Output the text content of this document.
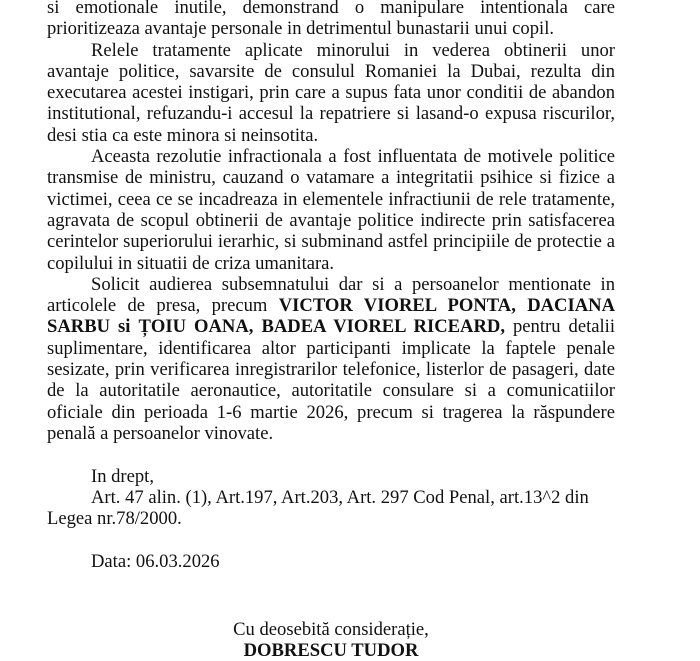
si emotionale inutile, demonstrand o manipulare intentionala care prioritizeaza avantaje personale in detrimentul bunastarii unui copil.

Relele tratamente aplicate minorului in vederea obtinerii unor avantaje politice, savarsite de consulul Romaniei la Dubai, rezulta din executarea acestei instigari, prin care a supus fata unor conditii de abandon institutional, refuzandu-i accesul la repatriere si lasand-o expusa riscurilor, desi stia ca este minora si neinsotita.

Aceasta rezolutie infractionala a fost influentata de motivele politice transmise de ministru, cauzand o vatamare a integritatii psihice si fizice a victimei, ceea ce se incadreaza in elementele infractiunii de rele tratamente, agravata de scopul obtinerii de avantaje politice indirecte prin satisfacerea cerintelor superiorului ierarhic, si subminand astfel principiile de protectie a copilului in situatii de criza umanitara.

Solicit audierea subsemnatului dar si a persoanelor mentionate in articolele de presa, precum VICTOR VIOREL PONTA, DACIANA SARBU si ȚOIU OANA, BADEA VIOREL RICEARD, pentru detalii suplimentare, identificarea altor participanti implicate la faptele penale sesizate, prin verificarea inregistrarilor telefonice, listerlor de pasageri, date de la autoritatile aeronautice, autoritatile consulare si a comunicatiilor oficiale din perioada 1-6 martie 2026, precum si tragerea la răspundere penală a persoanelor vinovate.

In drept,

Art. 47 alin. (1), Art.197, Art.203, Art. 297 Cod Penal, art.13^2 din Legea nr.78/2000.

Data: 06.03.2026

Cu deosebită considerație,

DOBRESCU TUDOR
